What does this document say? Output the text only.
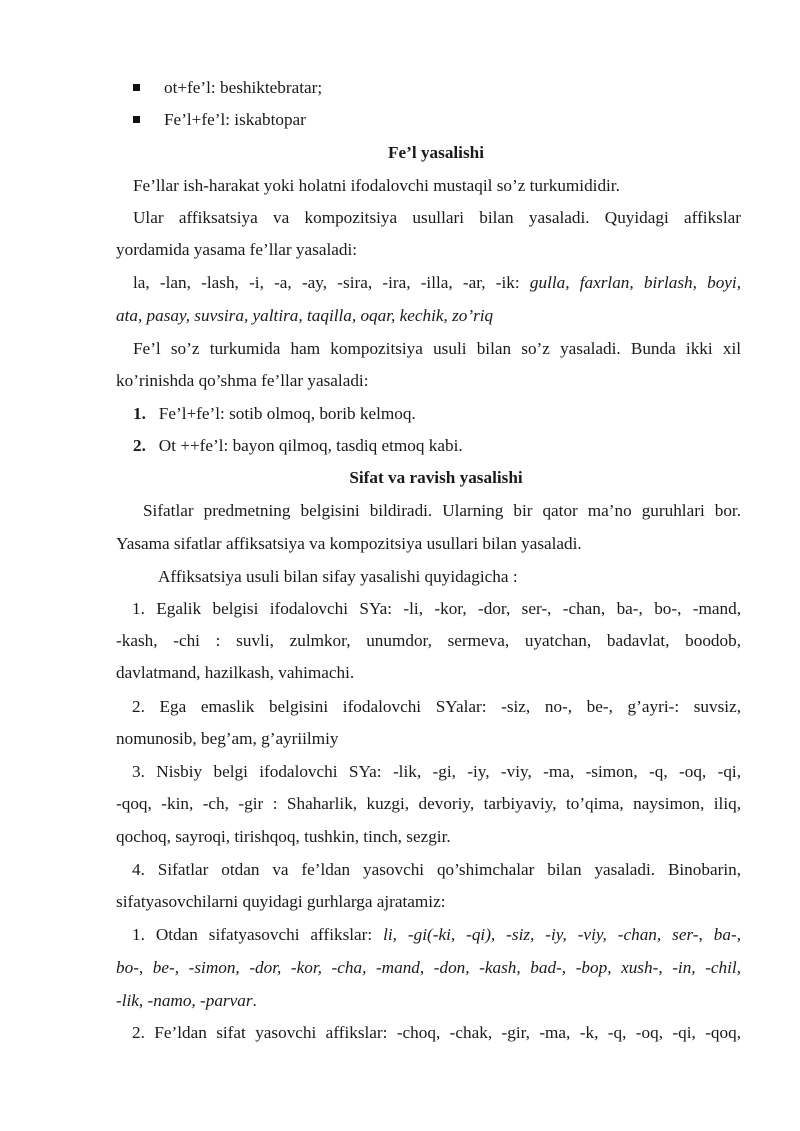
ot+fe’l: beshiktebratar;
Fe’l+fe’l: iskabtopar
Fe’l yasalishi
Fe’llar ish-harakat yoki holatni ifodalovchi mustaqil so’z turkumididir.
Ular affiksatsiya va kompozitsiya usullari bilan yasaladi. Quyidagi affikslar
yordamida yasama fe’llar yasaladi:
la, -lan, -lash, -i, -a, -ay, -sira, -ira, -illa, -ar, -ik: gulla, faxrlan, birlash, boyi,
ata, pasay, suvsira, yaltira, taqilla, oqar, kechik, zo’riq
Fe’l so’z turkumida ham kompozitsiya usuli bilan so’z yasaladi. Bunda ikki xil
ko’rinishda qo’shma fe’llar yasaladi:
1. Fe’l+fe’l: sotib olmoq, borib kelmoq.
2. Ot ++fe’l: bayon qilmoq, tasdiq etmoq kabi.
Sifat va ravish yasalishi
Sifatlar predmetning belgisini bildiradi. Ularning bir qator ma’no guruhlari bor.
Yasama sifatlar affiksatsiya va kompozitsiya usullari bilan yasaladi.
Affiksatsiya usuli bilan sifay yasalishi quyidagicha :
1. Egalik belgisi ifodalovchi SYa: -li, -kor, -dor, ser-, -chan, ba-, bo-, -mand,
-kash, -chi : suvli, zulmkor, unumdor, sermeva, uyatchan, badavlat, boodob,
davlatmand, hazilkash, vahimachi.
2. Ega emaslik belgisini ifodalovchi SYalar: -siz, no-, be-, g’ayri-: suvsiz,
nomunosib, beg’am, g’ayriilmiy
3. Nisbiy belgi ifodalovchi SYa: -lik, -gi, -iy, -viy, -ma, -simon, -q, -oq, -qi,
-qoq, -kin, -ch, -gir : Shaharlik, kuzgi, devoriy, tarbiyaviy, to’qima, naysimon, iliq,
qochoq, sayroqi, tirishqoq, tushkin, tinch, sezgir.
4. Sifatlar otdan va fe’ldan yasovchi qo’shimchalar bilan yasaladi. Binobarin,
sifatyasovchilarni quyidagi gurhlarga ajratamiz:
1. Otdan sifatyasovchi affikslar: li, -gi(-ki, -qi), -siz, -iy, -viy, -chan, ser-, ba-,
bo-, be-, -simon, -dor, -kor, -cha, -mand, -don, -kash, bad-, -bop, xush-, -in, -chil,
-lik, -namo, -parvar.
2. Fe’ldan sifat yasovchi affikslar: -choq, -chak, -gir, -ma, -k, -q, -oq, -qi, -qoq,
